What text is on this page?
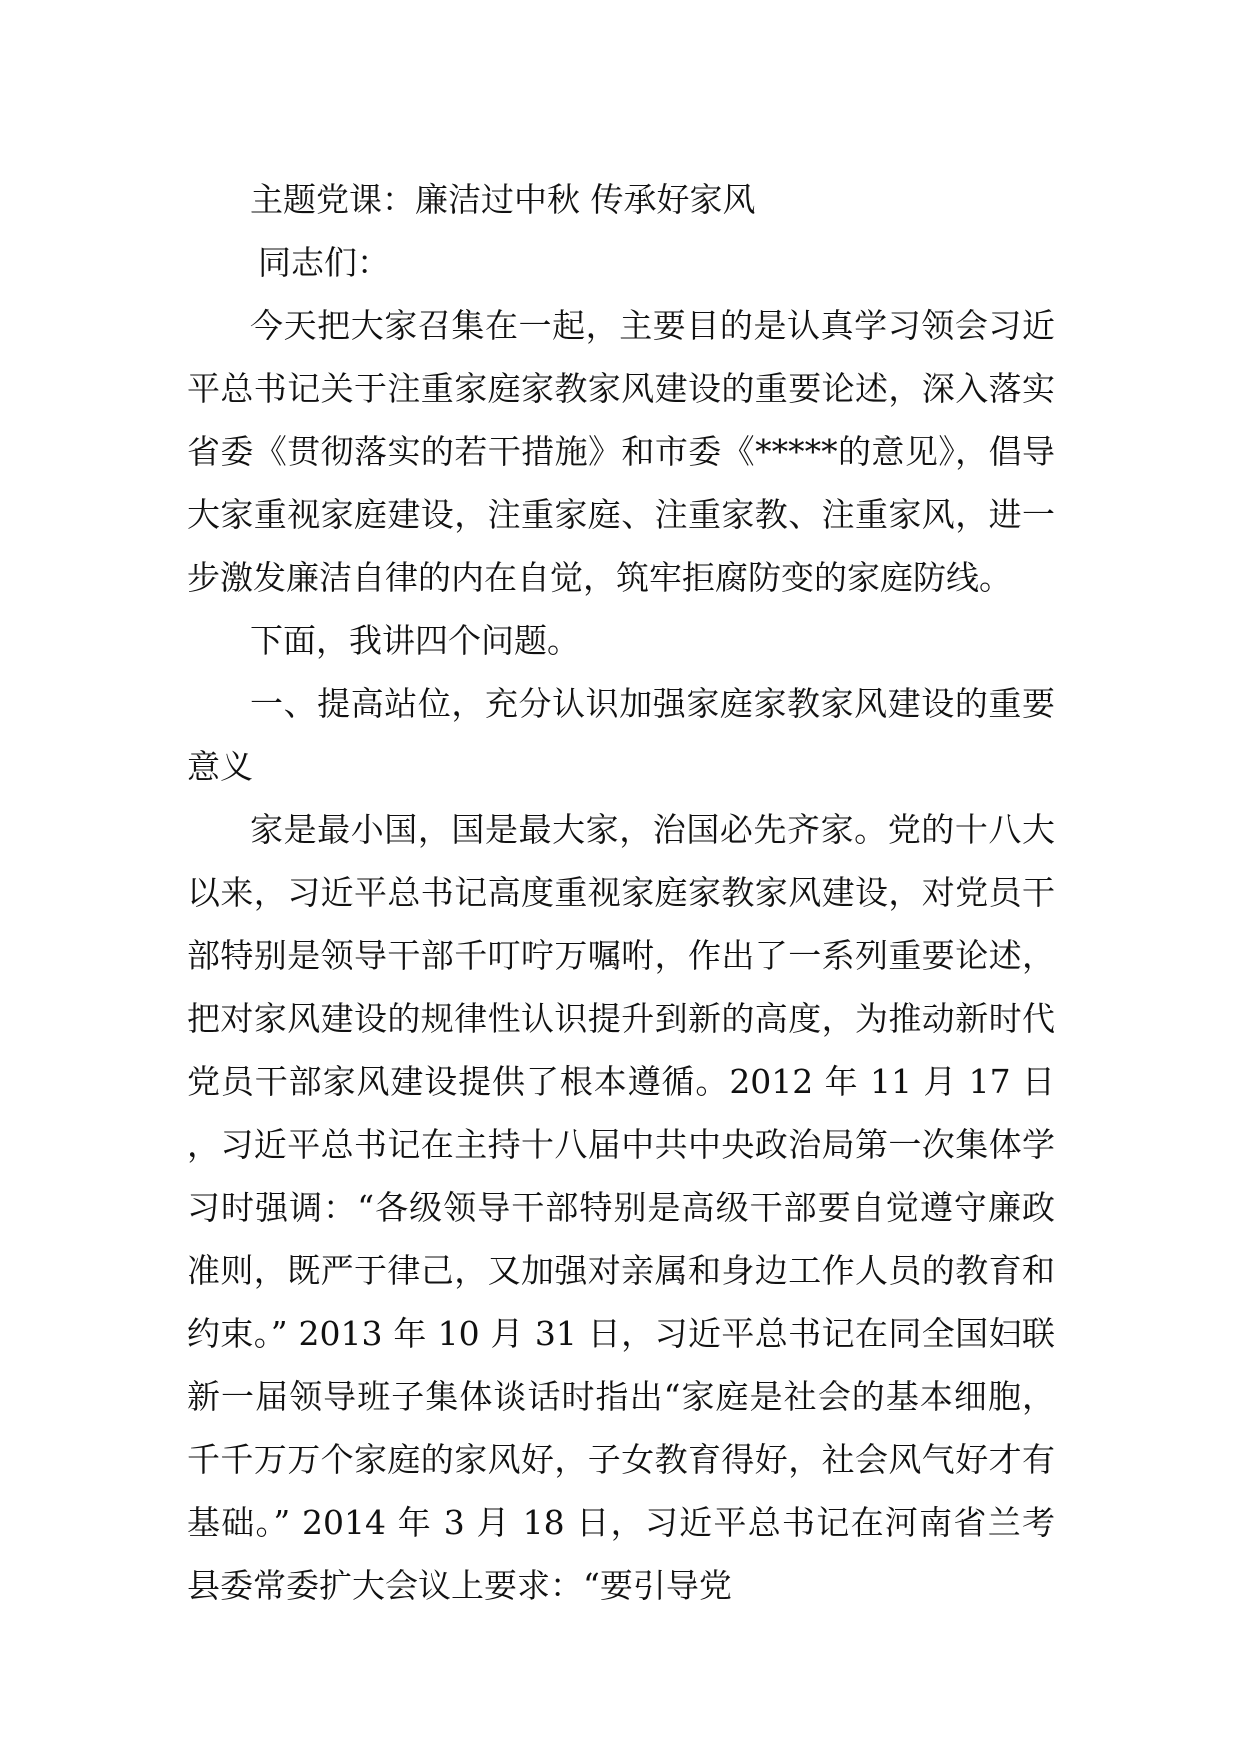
主题党课：廉洁过中秋 传承好家风

同志们：

今天把大家召集在一起，主要目的是认真学习领会习近平总书记关于注重家庭家教家风建设的重要论述，深入落实省委《贯彻落实的若干措施》和市委《*****的意见》，倡导大家重视家庭建设，注重家庭、注重家教、注重家风，进一步激发廉洁自律的内在自觉，筑牢拒腐防变的家庭防线。

下面，我讲四个问题。

一、提高站位，充分认识加强家庭家教家风建设的重要意义

家是最小国，国是最大家，治国必先齐家。党的十八大以来，习近平总书记高度重视家庭家教家风建设，对党员干部特别是领导干部千叮咛万嘱咐，作出了一系列重要论述，把对家风建设的规律性认识提升到新的高度，为推动新时代党员干部家风建设提供了根本遵循。2012 年 11 月 17 日，习近平总书记在主持十八届中共中央政治局第一次集体学习时强调：“各级领导干部特别是高级干部要自觉遵守廉政准则，既严于律己，又加强对亲属和身边工作人员的教育和约束。” 2013 年 10 月 31 日，习近平总书记在同全国妇联新一届领导班子集体谈话时指出“家庭是社会的基本细胞，千千万万个家庭的家风好，子女教育得好，社会风气好才有基础。” 2014 年 3 月 18 日，习近平总书记在河南省兰考县委常委扩大会议上要求：“要引导党
